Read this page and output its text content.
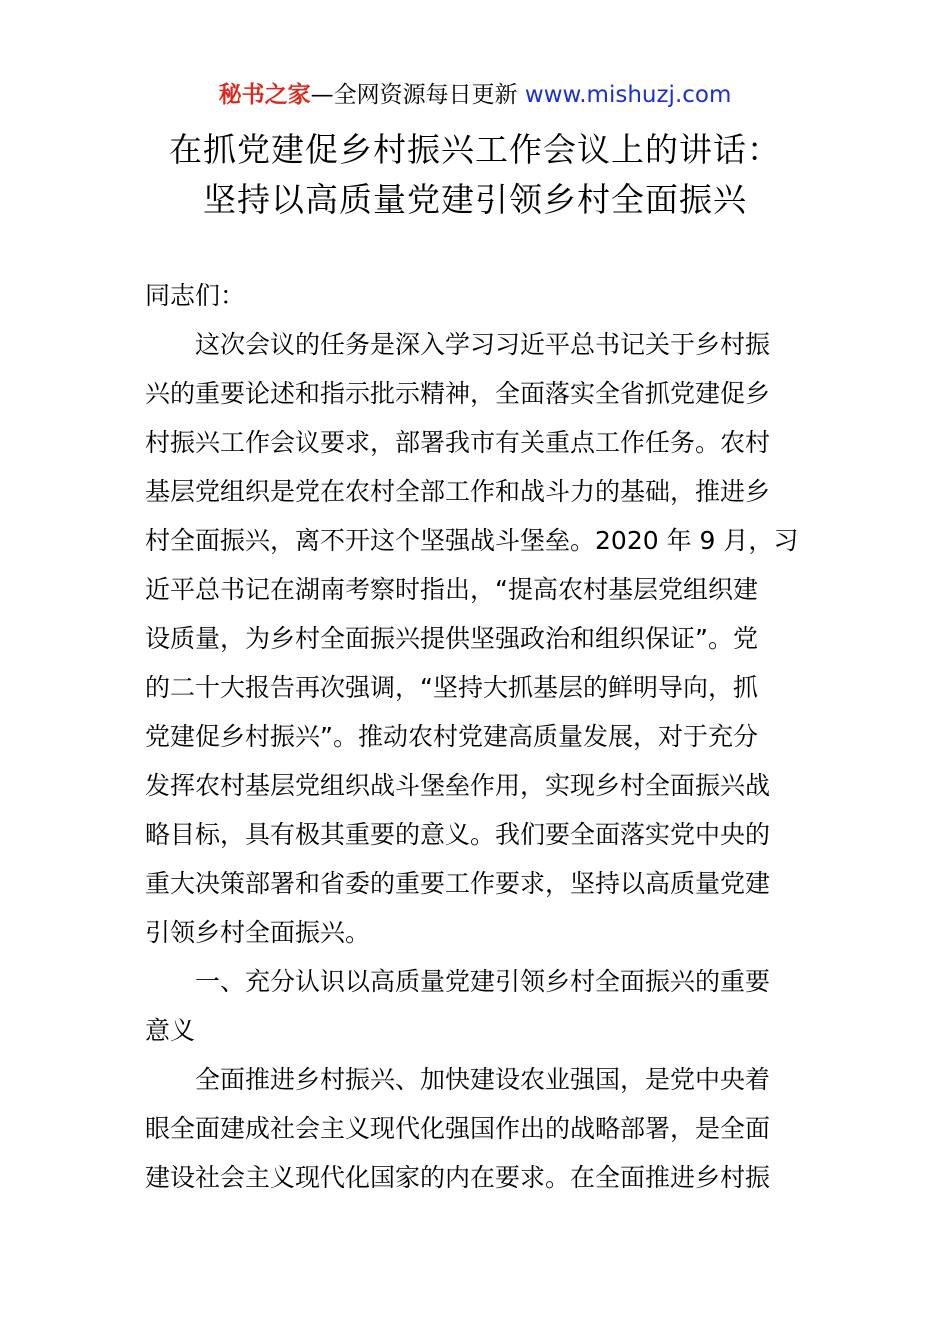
秘书之家—全网资源每日更新 www.mishuzj.com
在抓党建促乡村振兴工作会议上的讲话：
坚持以高质量党建引领乡村全面振兴
同志们：
这次会议的任务是深入学习习近平总书记关于乡村振
兴的重要论述和指示批示精神，全面落实全省抓党建促乡
村振兴工作会议要求，部署我市有关重点工作任务。农村
基层党组织是党在农村全部工作和战斗力的基础，推进乡
村全面振兴，离不开这个坚强战斗堡垒。2020 年 9 月，习
近平总书记在湖南考察时指出，“提高农村基层党组织建
设质量，为乡村全面振兴提供坚强政治和组织保证”。党
的二十大报告再次强调，“坚持大抓基层的鲜明导向，抓
党建促乡村振兴”。推动农村党建高质量发展，对于充分
发挥农村基层党组织战斗堡垒作用，实现乡村全面振兴战
略目标，具有极其重要的意义。我们要全面落实党中央的
重大决策部署和省委的重要工作要求，坚持以高质量党建
引领乡村全面振兴。
一、充分认识以高质量党建引领乡村全面振兴的重要
意义
全面推进乡村振兴、加快建设农业强国，是党中央着
眼全面建成社会主义现代化强国作出的战略部署，是全面
建设社会主义现代化国家的内在要求。在全面推进乡村振
